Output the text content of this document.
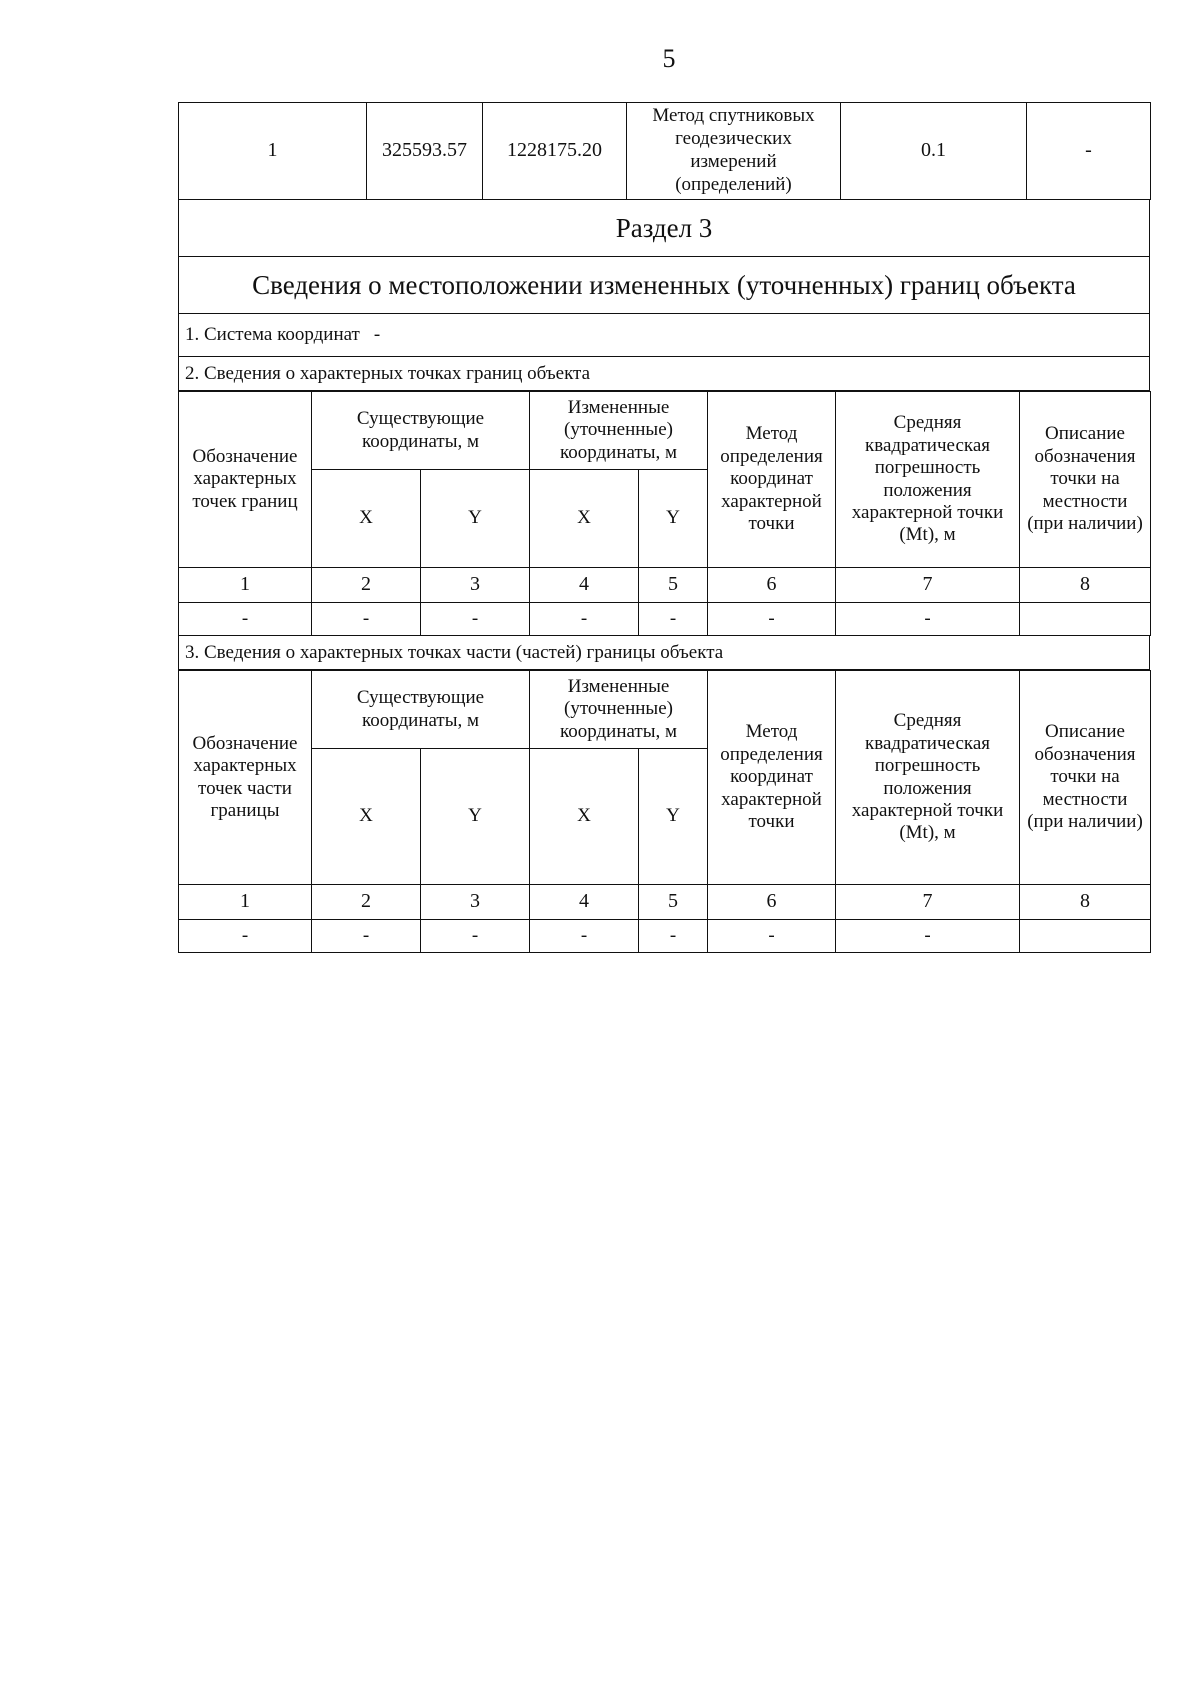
5
1	325593.57	1228175.20	Метод спутниковых геодезических измерений (определений)	0.1	-
Раздел 3
Сведения о местоположении измененных (уточненных) границ объекта
1. Система координат -
2. Сведения о характерных точках границ объекта
Обозначение характерных точек границ	Существующие координаты, м		Измененные (уточненные) координаты, м		Метод определения координат характерной точки	Средняя квадратическая погрешность положения характерной точки (Mt), м	Описание обозначения точки на местности (при наличии)
	X	Y	X	Y			
1	2	3	4	5	6	7	8
-	-	-	-	-	-	-	
3. Сведения о характерных точках части (частей) границы объекта
Обозначение характерных точек части границы	Существующие координаты, м		Измененные (уточненные) координаты, м		Метод определения координат характерной точки	Средняя квадратическая погрешность положения характерной точки (Mt), м	Описание обозначения точки на местности (при наличии)
	X	Y	X	Y			
1	2	3	4	5	6	7	8
-	-	-	-	-	-	-	
